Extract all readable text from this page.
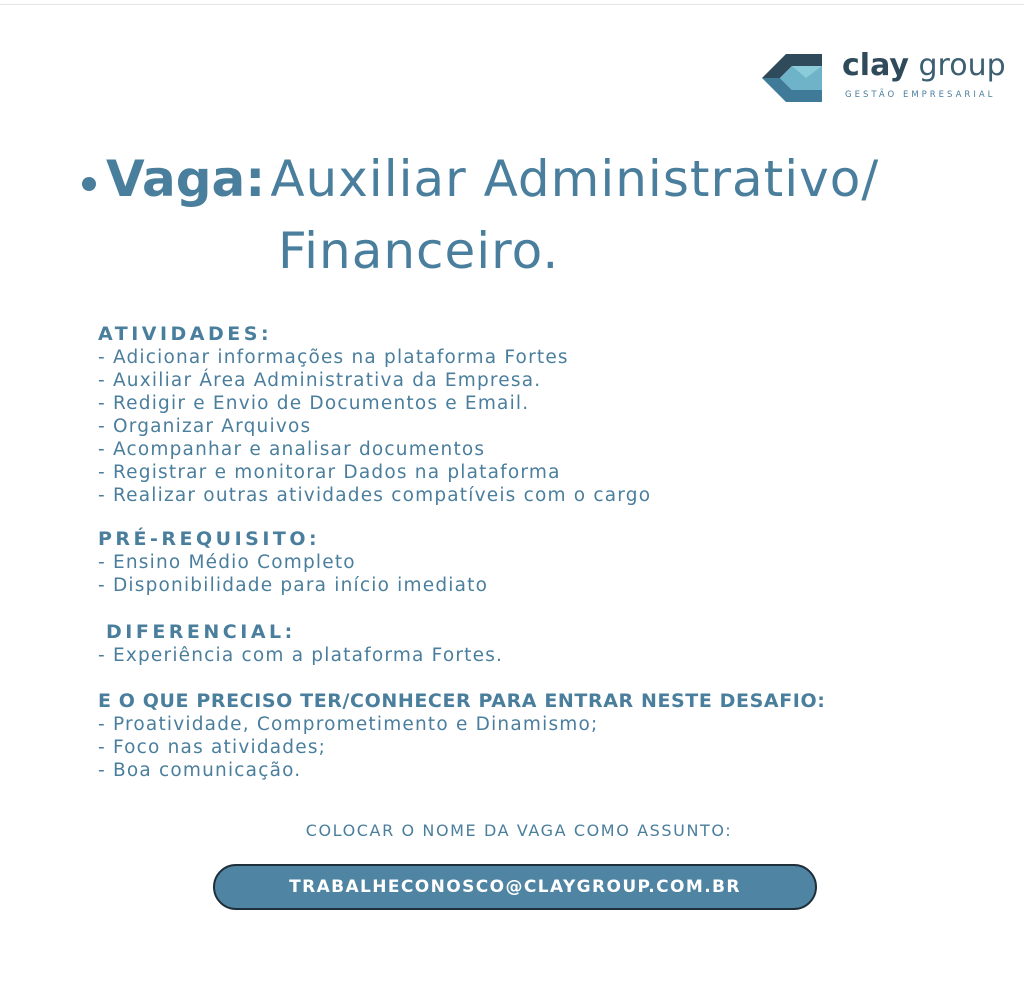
clay group
GESTÃO EMPRESARIAL
Vaga: Auxiliar Administrativo/
Financeiro.
ATIVIDADES:
- Adicionar informações na plataforma Fortes
- Auxiliar Área Administrativa da Empresa.
- Redigir e Envio de Documentos e Email.
- Organizar Arquivos
- Acompanhar e analisar documentos
- Registrar e monitorar Dados na plataforma
- Realizar outras atividades compatíveis com o cargo
PRÉ-REQUISITO:
- Ensino Médio Completo
- Disponibilidade para início imediato
DIFERENCIAL:
- Experiência com a plataforma Fortes.
E O QUE PRECISO TER/CONHECER PARA ENTRAR NESTE DESAFIO:
- Proatividade, Comprometimento e Dinamismo;
- Foco nas atividades;
- Boa comunicação.
COLOCAR O NOME DA VAGA COMO ASSUNTO:
TRABALHECONOSCO@CLAYGROUP.COM.BR
